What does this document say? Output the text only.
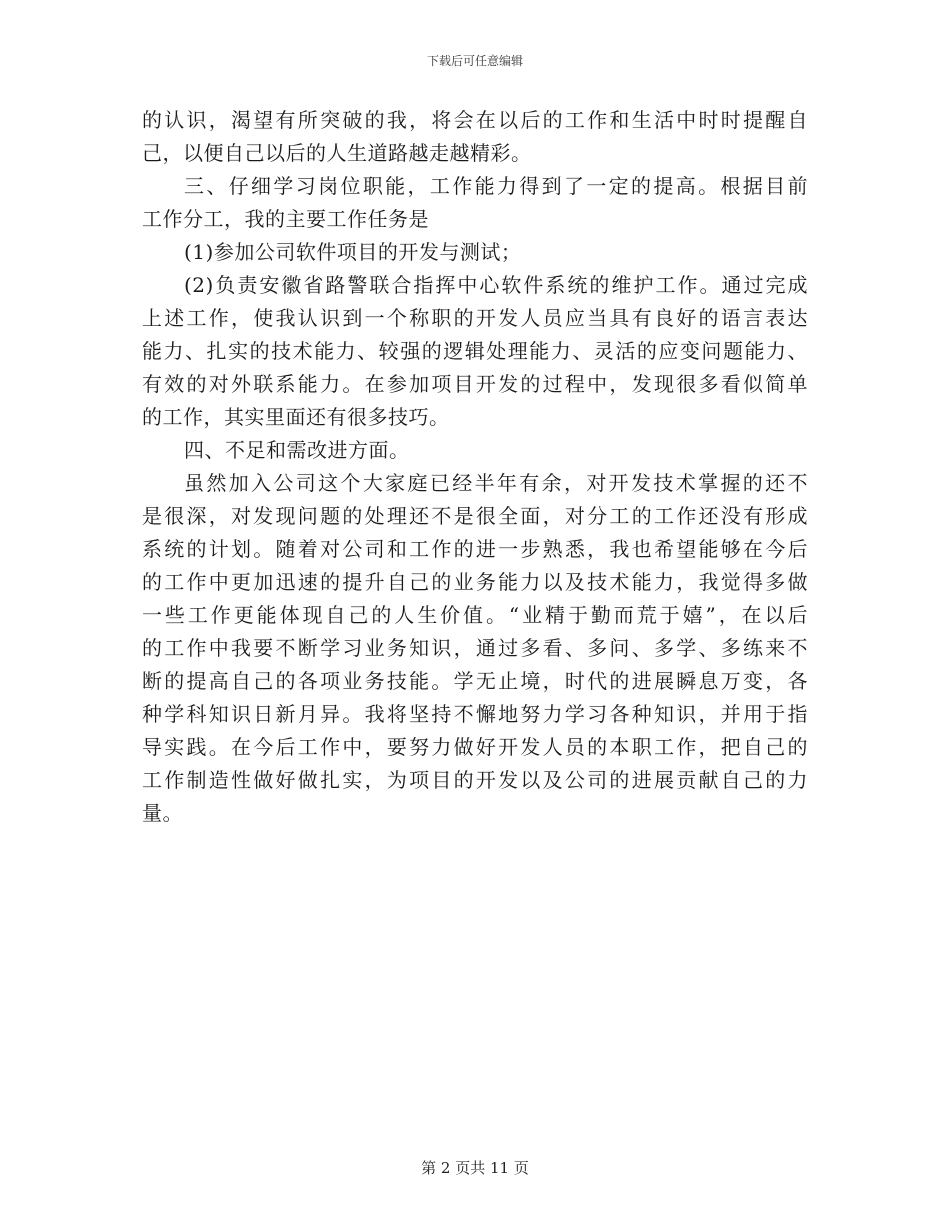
下载后可任意编辑
的认识，渴望有所突破的我，将会在以后的工作和生活中时时提醒自
己，以便自己以后的人生道路越走越精彩。
三、仔细学习岗位职能，工作能力得到了一定的提高。根据目前
工作分工，我的主要工作任务是
(1)参加公司软件项目的开发与测试；
(2)负责安徽省路警联合指挥中心软件系统的维护工作。通过完成
上述工作，使我认识到一个称职的开发人员应当具有良好的语言表达
能力、扎实的技术能力、较强的逻辑处理能力、灵活的应变问题能力、
有效的对外联系能力。在参加项目开发的过程中，发现很多看似简单
的工作，其实里面还有很多技巧。
四、不足和需改进方面。
虽然加入公司这个大家庭已经半年有余，对开发技术掌握的还不
是很深，对发现问题的处理还不是很全面，对分工的工作还没有形成
系统的计划。随着对公司和工作的进一步熟悉，我也希望能够在今后
的工作中更加迅速的提升自己的业务能力以及技术能力，我觉得多做
一些工作更能体现自己的人生价值。“业精于勤而荒于嬉”，在以后
的工作中我要不断学习业务知识，通过多看、多问、多学、多练来不
断的提高自己的各项业务技能。学无止境，时代的进展瞬息万变，各
种学科知识日新月异。我将坚持不懈地努力学习各种知识，并用于指
导实践。在今后工作中，要努力做好开发人员的本职工作，把自己的
工作制造性做好做扎实，为项目的开发以及公司的进展贡献自己的力
量。
第 2 页共 11 页
